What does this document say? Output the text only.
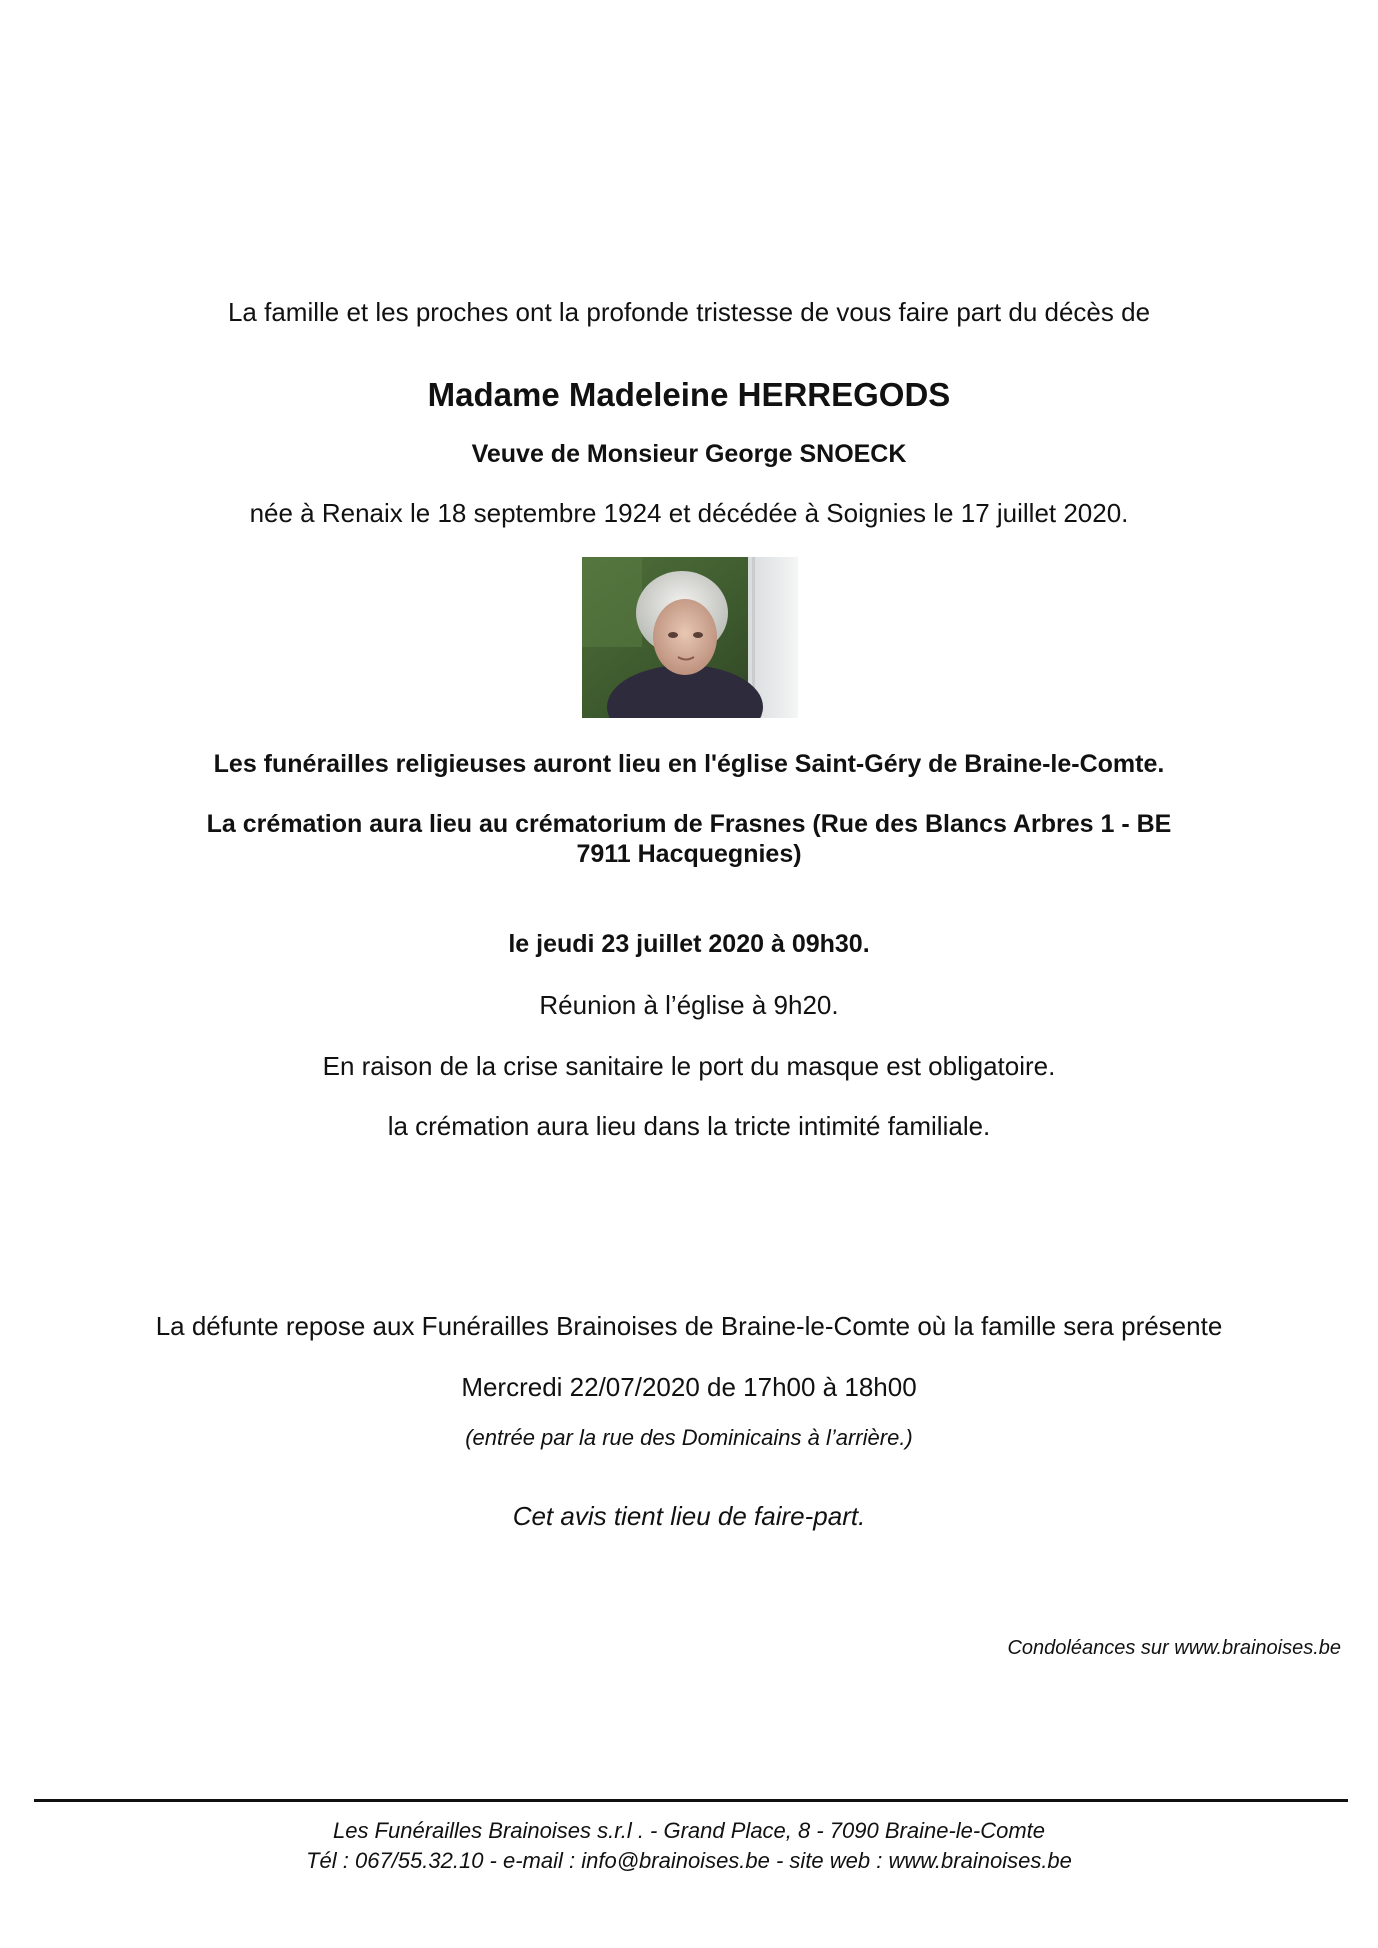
La famille et les proches ont la profonde tristesse de vous faire part du décès de
Madame Madeleine HERREGODS
Veuve de Monsieur George SNOECK
née à Renaix le 18 septembre 1924 et décédée à Soignies le 17 juillet 2020.
Les funérailles religieuses auront lieu en l'église Saint-Géry de Braine-le-Comte.
La crémation aura lieu au crématorium de Frasnes (Rue des Blancs Arbres 1 - BE
7911 Hacquegnies)
le jeudi 23 juillet 2020 à 09h30.
Réunion à l’église à 9h20.
En raison de la crise sanitaire le port du masque est obligatoire.
la crémation aura lieu dans la tricte intimité familiale.
La défunte repose aux Funérailles Brainoises de Braine-le-Comte où la famille sera présente
Mercredi 22/07/2020 de 17h00 à 18h00
(entrée par la rue des Dominicains à l’arrière.)
Cet avis tient lieu de faire-part.
Condoléances sur www.brainoises.be
Les Funérailles Brainoises s.r.l . - Grand Place, 8 - 7090 Braine-le-Comte
Tél : 067/55.32.10 - e-mail : info@brainoises.be - site web : www.brainoises.be
